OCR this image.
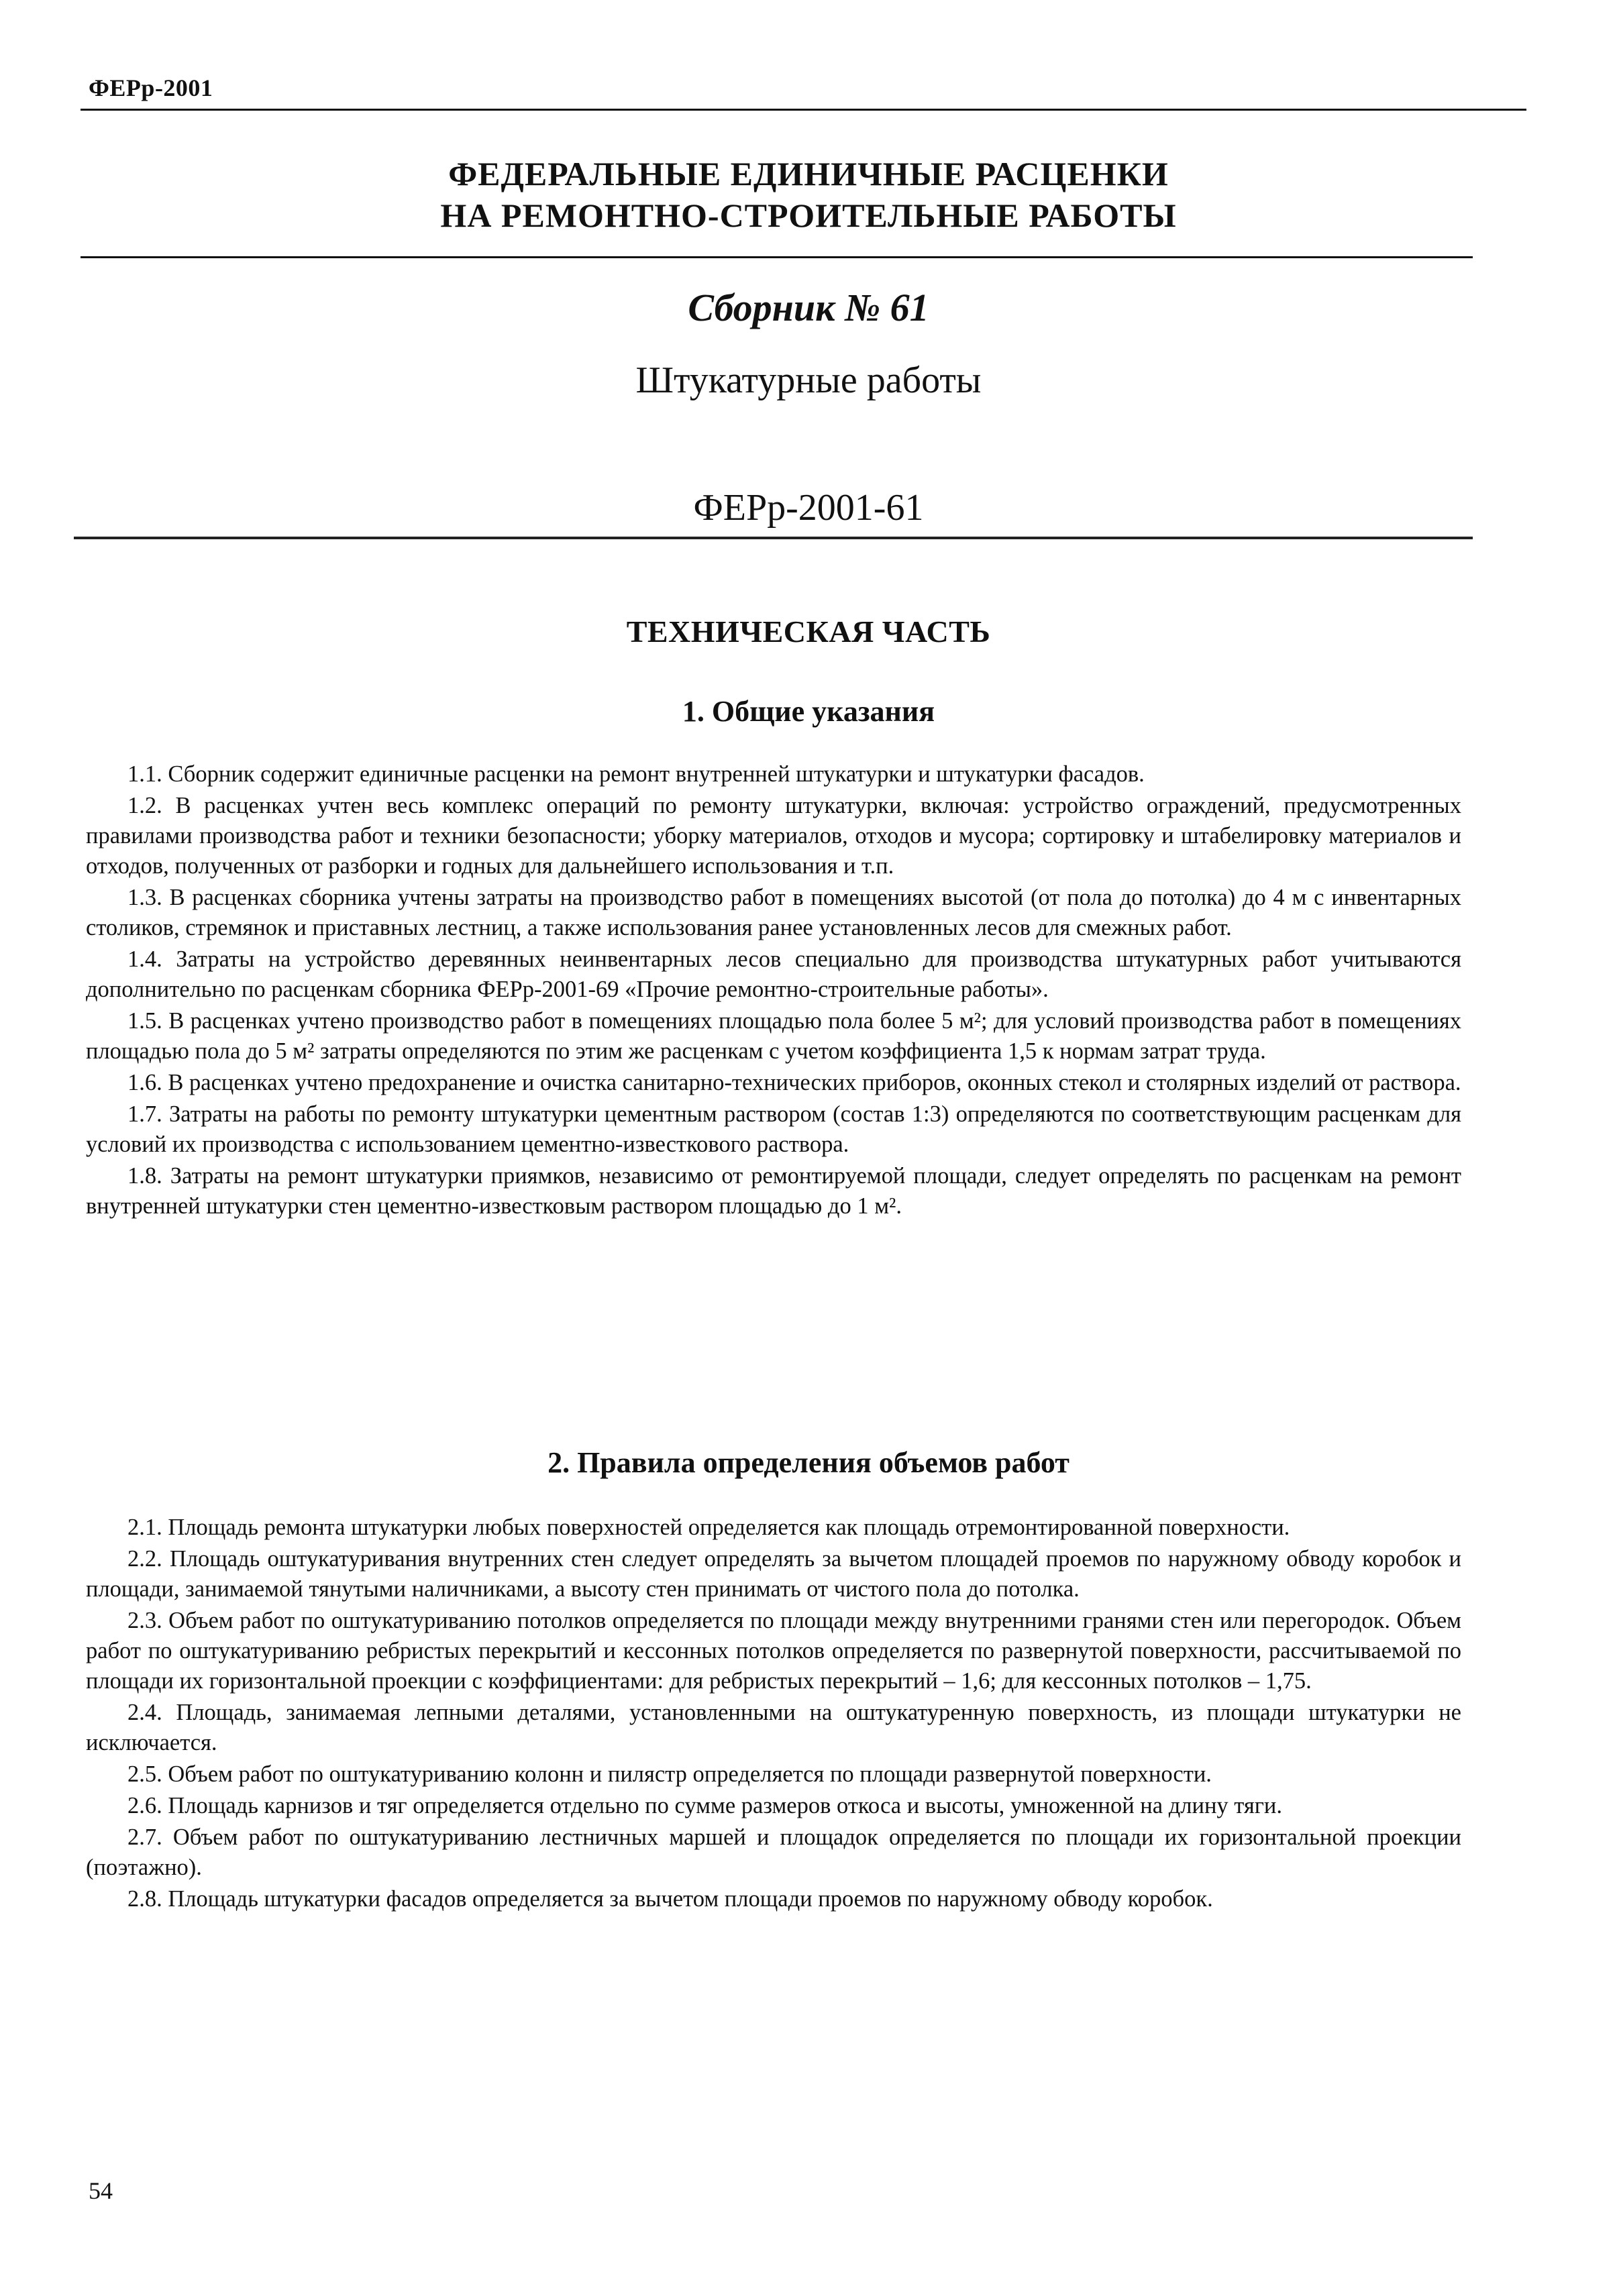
ФЕРр-2001
ФЕДЕРАЛЬНЫЕ ЕДИНИЧНЫЕ РАСЦЕНКИ
НА РЕМОНТНО-СТРОИТЕЛЬНЫЕ РАБОТЫ
Сборник № 61
Штукатурные работы
ФЕРр-2001-61
ТЕХНИЧЕСКАЯ ЧАСТЬ
1. Общие указания

1.1. Сборник содержит единичные расценки на ремонт внутренней штукатурки и штукатурки фасадов.

1.2. В расценках учтен весь комплекс операций по ремонту штукатурки, включая: устройство ограждений, предусмотренных правилами производства работ и техники безопасности; уборку материалов, отходов и мусора; сортировку и штабелировку материалов и отходов, полученных от разборки и годных для дальнейшего использования и т.п.

1.3. В расценках сборника учтены затраты на производство работ в помещениях высотой (от пола до потолка) до 4 м с инвентарных столиков, стремянок и приставных лестниц, а также использования ранее установленных лесов для смежных работ.

1.4. Затраты на устройство деревянных неинвентарных лесов специально для производства штукатурных работ учитываются дополнительно по расценкам сборника ФЕРр-2001-69 «Прочие ремонтно-строительные работы».

1.5. В расценках учтено производство работ в помещениях площадью пола более 5 м²; для условий производства работ в помещениях площадью пола до 5 м² затраты определяются по этим же расценкам с учетом коэффициента 1,5 к нормам затрат труда.

1.6. В расценках учтено предохранение и очистка санитарно-технических приборов, оконных стекол и столярных изделий от раствора.

1.7. Затраты на работы по ремонту штукатурки цементным раствором (состав 1:3) определяются по соответствующим расценкам для условий их производства с использованием цементно-известкового раствора.

1.8. Затраты на ремонт штукатурки приямков, независимо от ремонтируемой площади, следует определять по расценкам на ремонт внутренней штукатурки стен цементно-известковым раствором площадью до 1 м².

2. Правила определения объемов работ

2.1. Площадь ремонта штукатурки любых поверхностей определяется как площадь отремонтированной поверхности.

2.2. Площадь оштукатуривания внутренних стен следует определять за вычетом площадей проемов по наружному обводу коробок и площади, занимаемой тянутыми наличниками, а высоту стен принимать от чистого пола до потолка.

2.3. Объем работ по оштукатуриванию потолков определяется по площади между внутренними гранями стен или перегородок. Объем работ по оштукатуриванию ребристых перекрытий и кессонных потолков определяется по развернутой поверхности, рассчитываемой по площади их горизонтальной проекции с коэффициентами: для ребристых перекрытий – 1,6; для кессонных потолков – 1,75.

2.4. Площадь, занимаемая лепными деталями, установленными на оштукатуренную поверхность, из площади штукатурки не исключается.

2.5. Объем работ по оштукатуриванию колонн и пилястр определяется по площади развернутой поверхности.

2.6. Площадь карнизов и тяг определяется отдельно по сумме размеров откоса и высоты, умноженной на длину тяги.

2.7. Объем работ по оштукатуриванию лестничных маршей и площадок определяется по площади их горизонтальной проекции (поэтажно).

2.8. Площадь штукатурки фасадов определяется за вычетом площади проемов по наружному обводу коробок.

54
